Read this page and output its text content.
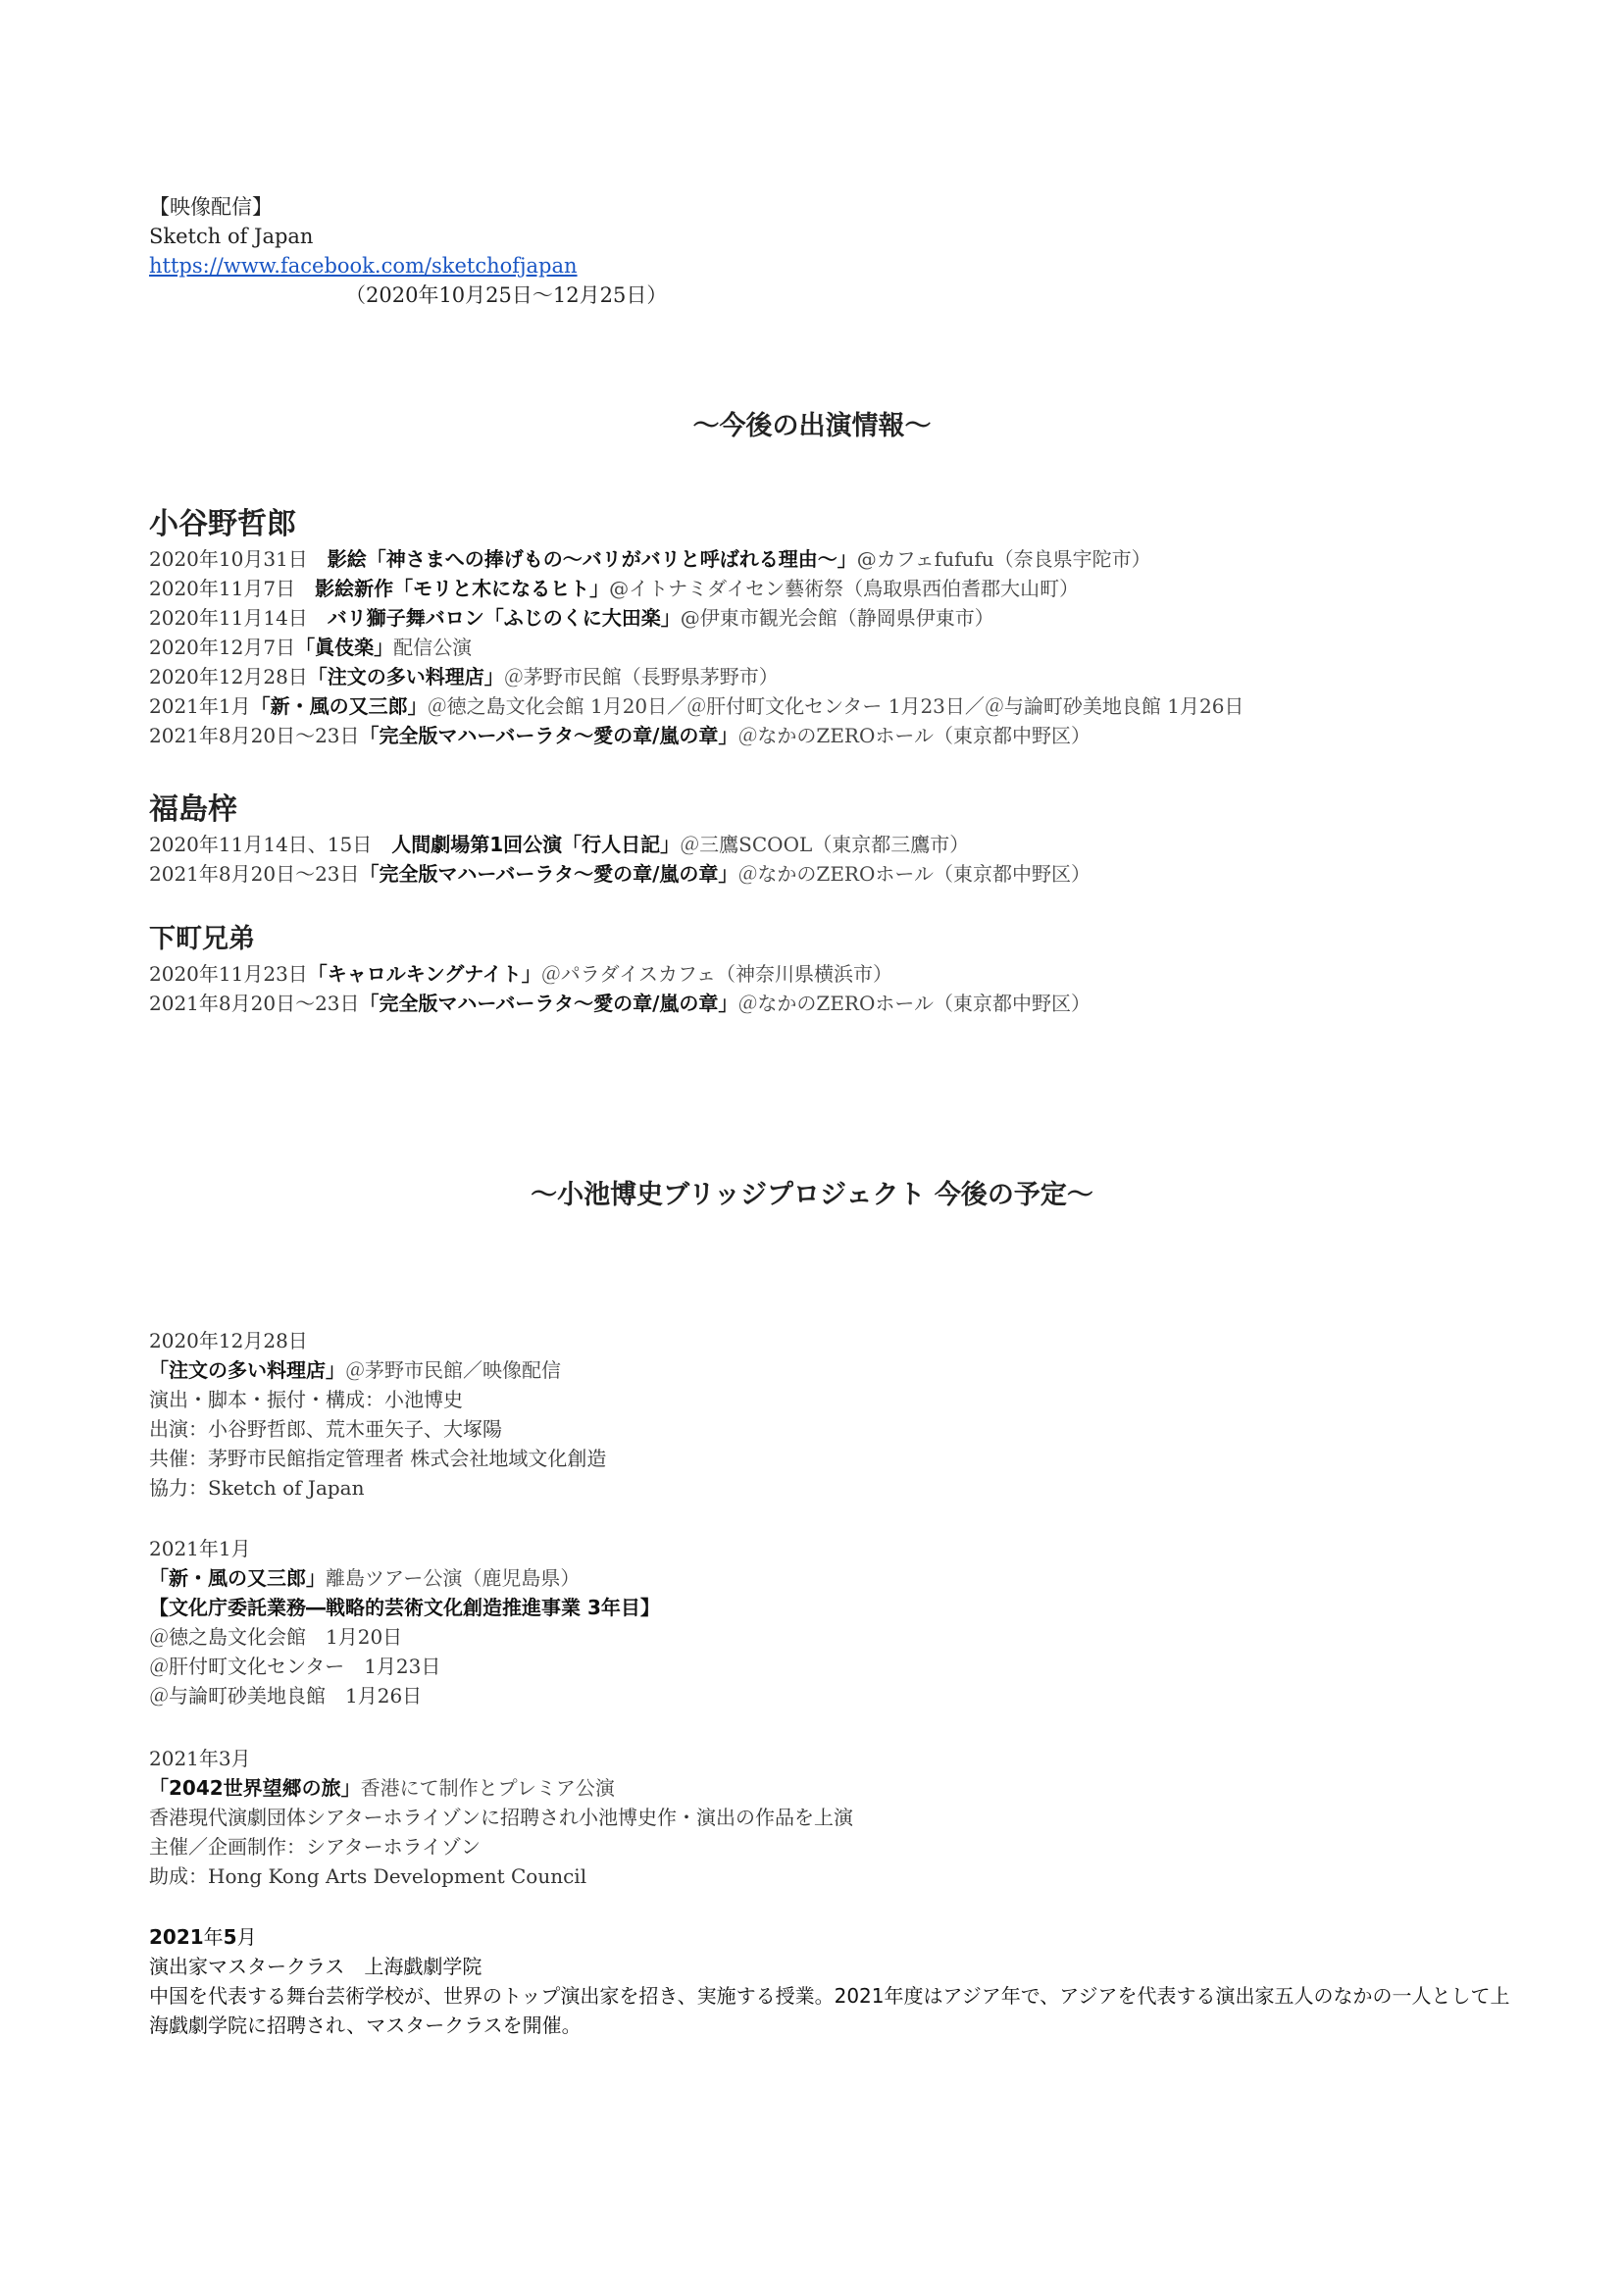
【映像配信】
Sketch of Japan
https://www.facebook.com/sketchofjapan
（2020年10月25日～12月25日）
～今後の出演情報～
小谷野哲郎
2020年10月31日　影絵「神さまへの捧げもの～バリがバリと呼ばれる理由～」@カフェfufufu（奈良県宇陀市）
2020年11月7日　影絵新作「モリと木になるヒト」@イトナミダイセン藝術祭（鳥取県西伯耆郡大山町）
2020年11月14日　バリ獅子舞バロン「ふじのくに大田楽」@伊東市観光会館（静岡県伊東市）
2020年12月7日「眞伎楽」配信公演
2020年12月28日「注文の多い料理店」＠茅野市民館（長野県茅野市）
2021年1月「新・風の又三郎」＠徳之島文化会館 1月20日／＠肝付町文化センター 1月23日／＠与論町砂美地良館 1月26日
2021年8月20日～23日「完全版マハーバーラタ～愛の章/嵐の章」＠なかのZEROホール（東京都中野区）
福島梓
2020年11月14日、15日　人間劇場第1回公演「行人日記」＠三鷹SCOOL（東京都三鷹市）
2021年8月20日～23日「完全版マハーバーラタ～愛の章/嵐の章」＠なかのZEROホール（東京都中野区）
下町兄弟
2020年11月23日「キャロルキングナイト」＠パラダイスカフェ（神奈川県横浜市）
2021年8月20日～23日「完全版マハーバーラタ～愛の章/嵐の章」＠なかのZEROホール（東京都中野区）
～小池博史ブリッジプロジェクト 今後の予定～
2020年12月28日
「注文の多い料理店」＠茅野市民館／映像配信
演出・脚本・振付・構成：小池博史
出演：小谷野哲郎、荒木亜矢子、大塚陽
共催：茅野市民館指定管理者 株式会社地域文化創造
協力：Sketch of Japan
2021年1月
「新・風の又三郎」離島ツアー公演（鹿児島県）
【文化庁委託業務―戦略的芸術文化創造推進事業 3年目】
＠徳之島文化会館　1月20日
＠肝付町文化センター　1月23日
＠与論町砂美地良館　1月26日
2021年3月
「2042世界望郷の旅」香港にて制作とプレミア公演
香港現代演劇団体シアターホライゾンに招聘され小池博史作・演出の作品を上演
主催／企画制作：シアターホライゾン
助成：Hong Kong Arts Development Council
2021年5月
演出家マスタークラス　上海戯劇学院
中国を代表する舞台芸術学校が、世界のトップ演出家を招き、実施する授業。2021年度はアジア年で、アジアを代表する演出家五人のなかの一人として上海戯劇学院に招聘され、マスタークラスを開催。
